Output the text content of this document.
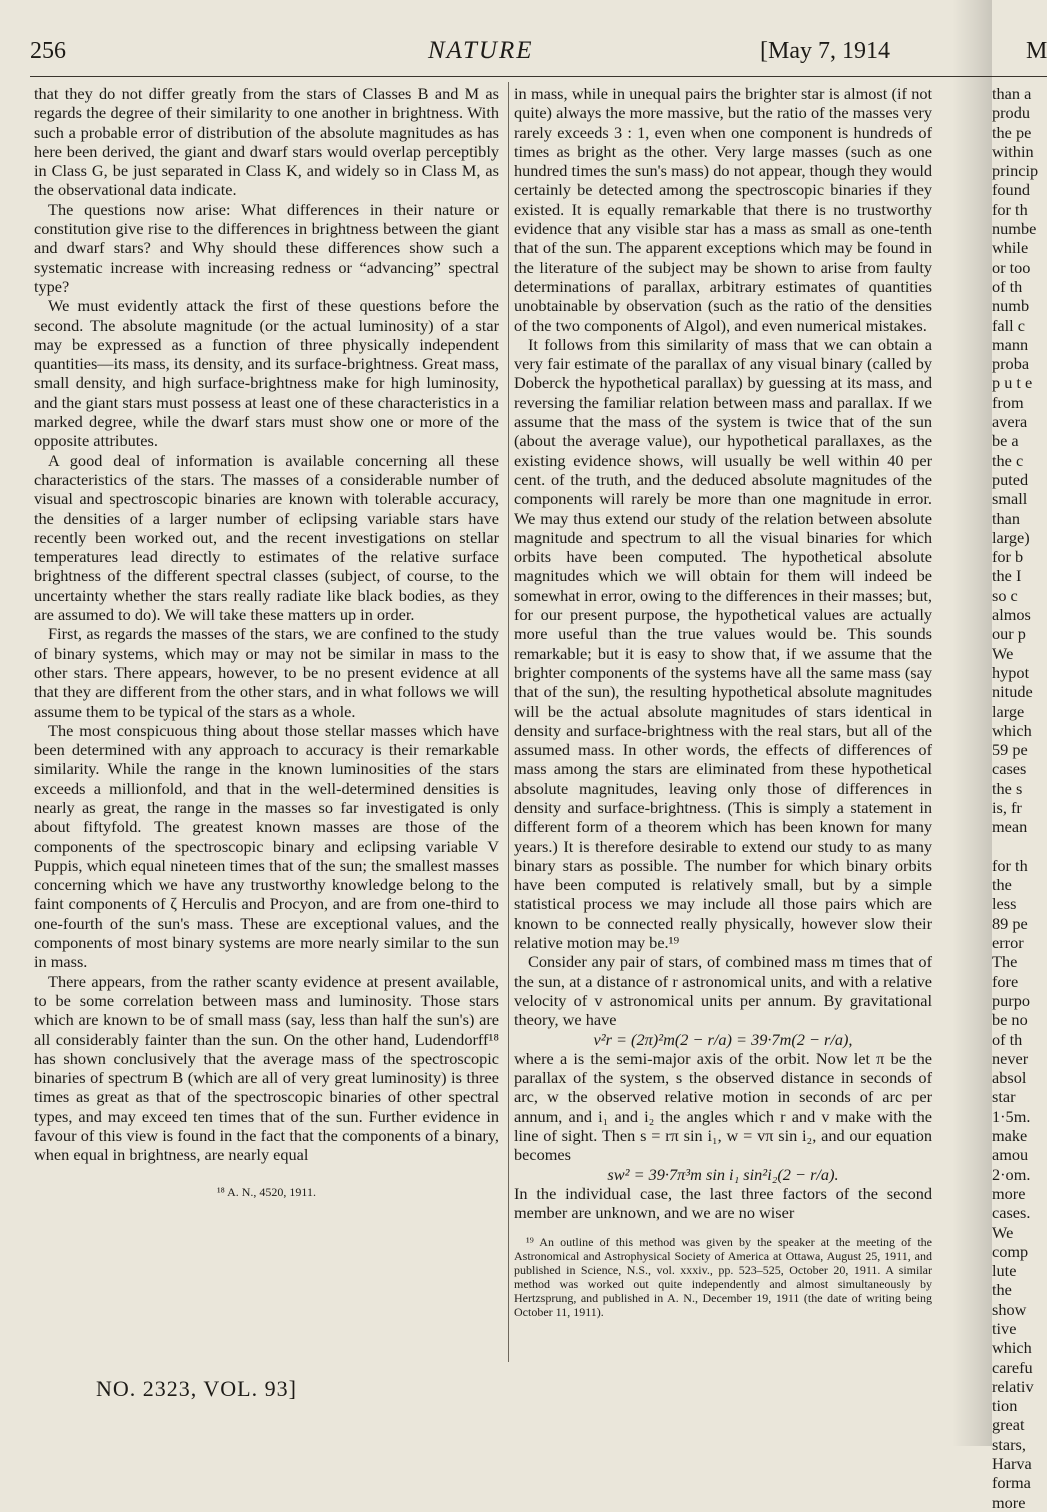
256	NATURE	[May 7, 1914	M

that they do not differ greatly from the stars of Classes B and M as regards the degree of their similarity to one another in brightness. With such a probable error of distribution of the absolute magnitudes as has here been derived, the giant and dwarf stars would overlap perceptibly in Class G, be just separated in Class K, and widely so in Class M, as the observational data indicate.

The questions now arise: What differences in their nature or constitution give rise to the differences in brightness between the giant and dwarf stars? and Why should these differences show such a systematic increase with increasing redness or “advancing” spectral type?

We must evidently attack the first of these questions before the second. The absolute magnitude (or the actual luminosity) of a star may be expressed as a function of three physically independent quantities—its mass, its density, and its surface-brightness. Great mass, small density, and high surface-brightness make for high luminosity, and the giant stars must possess at least one of these characteristics in a marked degree, while the dwarf stars must show one or more of the opposite attributes.

A good deal of information is available concerning all these characteristics of the stars. The masses of a considerable number of visual and spectroscopic binaries are known with tolerable accuracy, the densities of a larger number of eclipsing variable stars have recently been worked out, and the recent investigations on stellar temperatures lead directly to estimates of the relative surface brightness of the different spectral classes (subject, of course, to the uncertainty whether the stars really radiate like black bodies, as they are assumed to do). We will take these matters up in order.

First, as regards the masses of the stars, we are confined to the study of binary systems, which may or may not be similar in mass to the other stars. There appears, however, to be no present evidence at all that they are different from the other stars, and in what follows we will assume them to be typical of the stars as a whole.

The most conspicuous thing about those stellar masses which have been determined with any approach to accuracy is their remarkable similarity. While the range in the known luminosities of the stars exceeds a millionfold, and that in the well-determined densities is nearly as great, the range in the masses so far investigated is only about fiftyfold. The greatest known masses are those of the components of the spectroscopic binary and eclipsing variable V Puppis, which equal nineteen times that of the sun; the smallest masses concerning which we have any trustworthy knowledge belong to the faint components of ζ Herculis and Procyon, and are from one-third to one-fourth of the sun's mass. These are exceptional values, and the components of most binary systems are more nearly similar to the sun in mass.

There appears, from the rather scanty evidence at present available, to be some correlation between mass and luminosity. Those stars which are known to be of small mass (say, less than half the sun's) are all considerably fainter than the sun. On the other hand, Ludendorff¹⁸ has shown conclusively that the average mass of the spectroscopic binaries of spectrum B (which are all of very great luminosity) is three times as great as that of the spectroscopic binaries of other spectral types, and may exceed ten times that of the sun. Further evidence in favour of this view is found in the fact that the components of a binary, when equal in brightness, are nearly equal

¹⁸ A. N., 4520, 1911.

in mass, while in unequal pairs the brighter star is almost (if not quite) always the more massive, but the ratio of the masses very rarely exceeds 3 : 1, even when one component is hundreds of times as bright as the other. Very large masses (such as one hundred times the sun's mass) do not appear, though they would certainly be detected among the spectroscopic binaries if they existed. It is equally remarkable that there is no trustworthy evidence that any visible star has a mass as small as one-tenth that of the sun. The apparent exceptions which may be found in the literature of the subject may be shown to arise from faulty determinations of parallax, arbitrary estimates of quantities unobtainable by observation (such as the ratio of the densities of the two components of Algol), and even numerical mistakes.

It follows from this similarity of mass that we can obtain a very fair estimate of the parallax of any visual binary (called by Doberck the hypothetical parallax) by guessing at its mass, and reversing the familiar relation between mass and parallax. If we assume that the mass of the system is twice that of the sun (about the average value), our hypothetical parallaxes, as the existing evidence shows, will usually be well within 40 per cent. of the truth, and the deduced absolute magnitudes of the components will rarely be more than one magnitude in error. We may thus extend our study of the relation between absolute magnitude and spectrum to all the visual binaries for which orbits have been computed. The hypothetical absolute magnitudes which we will obtain for them will indeed be somewhat in error, owing to the differences in their masses; but, for our present purpose, the hypothetical values are actually more useful than the true values would be. This sounds remarkable; but it is easy to show that, if we assume that the brighter components of the systems have all the same mass (say that of the sun), the resulting hypothetical absolute magnitudes will be the actual absolute magnitudes of stars identical in density and surface-brightness with the real stars, but all of the assumed mass. In other words, the effects of differences of mass among the stars are eliminated from these hypothetical absolute magnitudes, leaving only those of differences in density and surface-brightness. (This is simply a statement in different form of a theorem which has been known for many years.) It is therefore desirable to extend our study to as many binary stars as possible. The number for which binary orbits have been computed is relatively small, but by a simple statistical process we may include all those pairs which are known to be connected really physically, however slow their relative motion may be.¹⁹

Consider any pair of stars, of combined mass m times that of the sun, at a distance of r astronomical units, and with a relative velocity of v astronomical units per annum. By gravitational theory, we have

v²r = (2π)²m(2 − r/a) = 39·7m(2 − r/a),

where a is the semi-major axis of the orbit. Now let π be the parallax of the system, s the observed distance in seconds of arc, w the observed relative motion in seconds of arc per annum, and i₁ and i₂ the angles which r and v make with the line of sight. Then s = rπ sin i₁, w = vπ sin i₂, and our equation becomes

sw² = 39·7π³m sin i₁ sin²i₂(2 − r/a).

In the individual case, the last three factors of the second member are unknown, and we are no wiser

¹⁹ An outline of this method was given by the speaker at the meeting of the Astronomical and Astrophysical Society of America at Ottawa, August 25, 1911, and published in Science, N.S., vol. xxxiv., pp. 523–525, October 20, 1911. A similar method was worked out quite independently and almost simultaneously by Hertzsprung, and published in A. N., December 19, 1911 (the date of writing being October 11, 1911).

than a
produ
the pe
within
princip
found
for th
numbe
while
or too
of th
numb
fall c
mann
proba
p u t e
from
avera
be a
the c
puted
small
than
large)
for b
the I
so c
almos
our p
We
hypot
nitude
large
which
59 pe
cases
the s
is, fr
mean
for th
the
less
89 pe
error
The
fore
purpo
be no
of th
never
absol
star
1·5m.
make
amou
2·om.
more
cases.
We
comp
lute
the
show
tive
which
carefu
relativ
tion
great
stars,
Harva
forma
more
NO. 2323, VOL. 93]
